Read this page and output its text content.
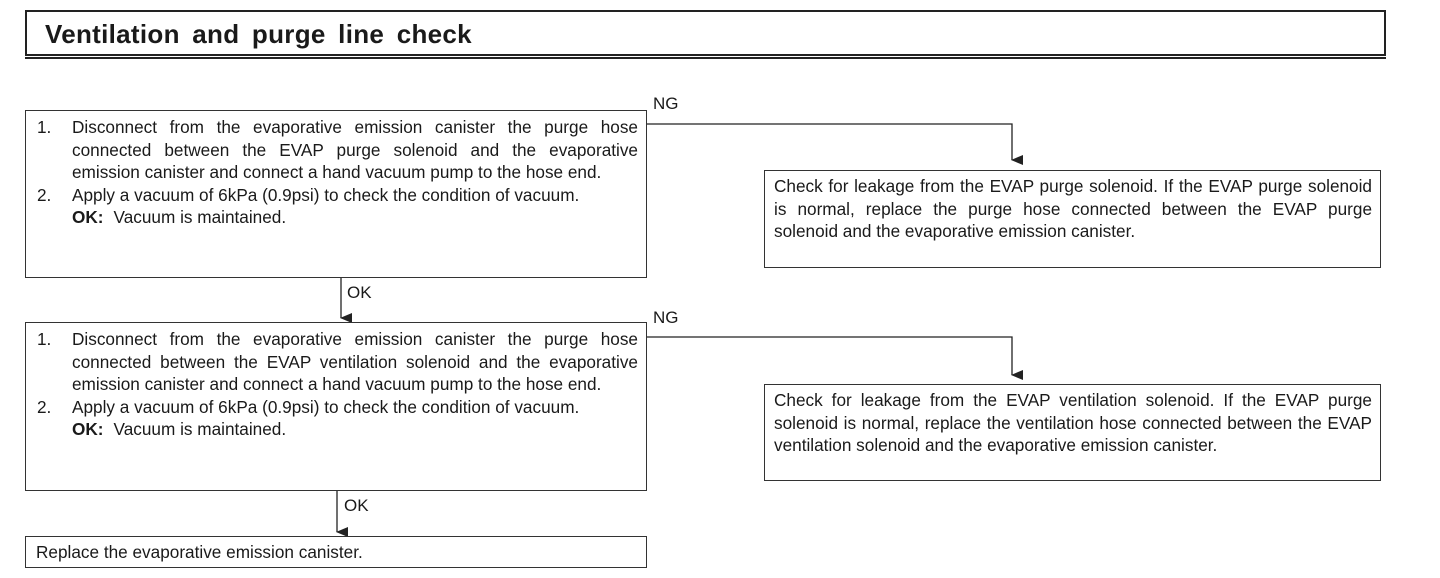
Ventilation and purge line check
1. Disconnect from the evaporative emission canister the purge hose connected between the EVAP purge solenoid and the evaporative emission canister and connect a hand vacuum pump to the hose end.
2. Apply a vacuum of 6kPa (0.9psi) to check the condition of vacuum.
OK: Vacuum is maintained.
NG
OK
Check for leakage from the EVAP purge solenoid. If the EVAP purge solenoid is normal, replace the purge hose connected between the EVAP purge solenoid and the evaporative emission canister.
1. Disconnect from the evaporative emission canister the purge hose connected between the EVAP ventilation solenoid and the evaporative emission canister and connect a hand vacuum pump to the hose end.
2. Apply a vacuum of 6kPa (0.9psi) to check the condition of vacuum.
OK: Vacuum is maintained.
NG
OK
Check for leakage from the EVAP ventilation solenoid. If the EVAP purge solenoid is normal, replace the ventilation hose connected between the EVAP ventilation solenoid and the evaporative emission canister.
Replace the evaporative emission canister.
